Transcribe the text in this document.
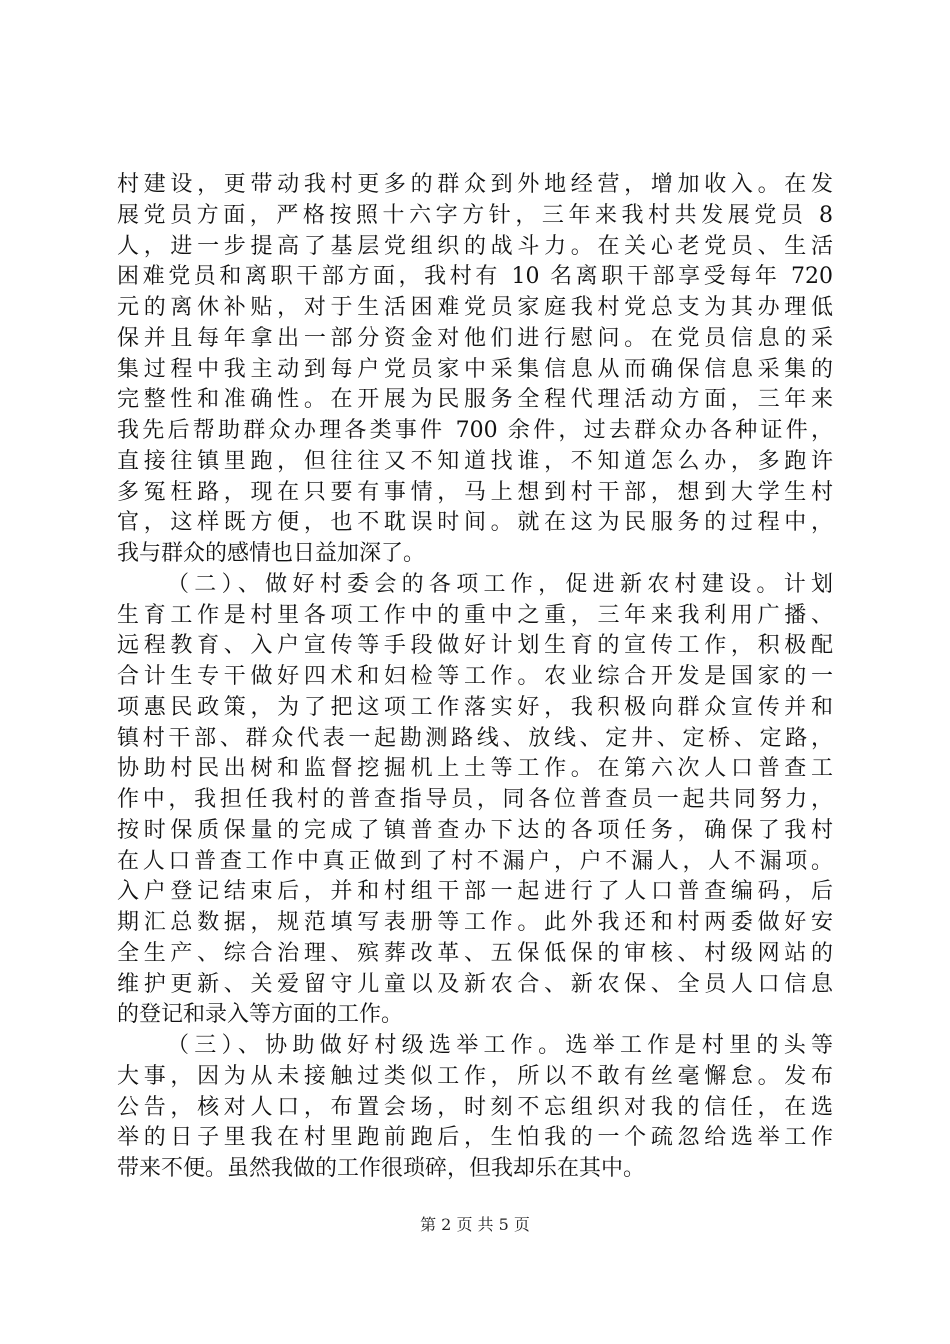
村建设，更带动我村更多的群众到外地经营，增加收入。在发
展党员方面，严格按照十六字方针，三年来我村共发展党员 8
人，进一步提高了基层党组织的战斗力。在关心老党员、生活
困难党员和离职干部方面，我村有 10 名离职干部享受每年 720
元的离休补贴，对于生活困难党员家庭我村党总支为其办理低
保并且每年拿出一部分资金对他们进行慰问。在党员信息的采
集过程中我主动到每户党员家中采集信息从而确保信息采集的
完整性和准确性。在开展为民服务全程代理活动方面，三年来
我先后帮助群众办理各类事件 700 余件，过去群众办各种证件，
直接往镇里跑，但往往又不知道找谁，不知道怎么办，多跑许
多冤枉路，现在只要有事情，马上想到村干部，想到大学生村
官，这样既方便，也不耽误时间。就在这为民服务的过程中，
我与群众的感情也日益加深了。
（二）、做好村委会的各项工作，促进新农村建设。计划
生育工作是村里各项工作中的重中之重，三年来我利用广播、
远程教育、入户宣传等手段做好计划生育的宣传工作，积极配
合计生专干做好四术和妇检等工作。农业综合开发是国家的一
项惠民政策，为了把这项工作落实好，我积极向群众宣传并和
镇村干部、群众代表一起勘测路线、放线、定井、定桥、定路，
协助村民出树和监督挖掘机上土等工作。在第六次人口普查工
作中，我担任我村的普查指导员，同各位普查员一起共同努力，
按时保质保量的完成了镇普查办下达的各项任务，确保了我村
在人口普查工作中真正做到了村不漏户，户不漏人，人不漏项。
入户登记结束后，并和村组干部一起进行了人口普查编码，后
期汇总数据，规范填写表册等工作。此外我还和村两委做好安
全生产、综合治理、殡葬改革、五保低保的审核、村级网站的
维护更新、关爱留守儿童以及新农合、新农保、全员人口信息
的登记和录入等方面的工作。
（三）、协助做好村级选举工作。选举工作是村里的头等
大事，因为从未接触过类似工作，所以不敢有丝毫懈怠。发布
公告，核对人口，布置会场，时刻不忘组织对我的信任，在选
举的日子里我在村里跑前跑后，生怕我的一个疏忽给选举工作
带来不便。虽然我做的工作很琐碎，但我却乐在其中。
第 2 页 共 5 页
